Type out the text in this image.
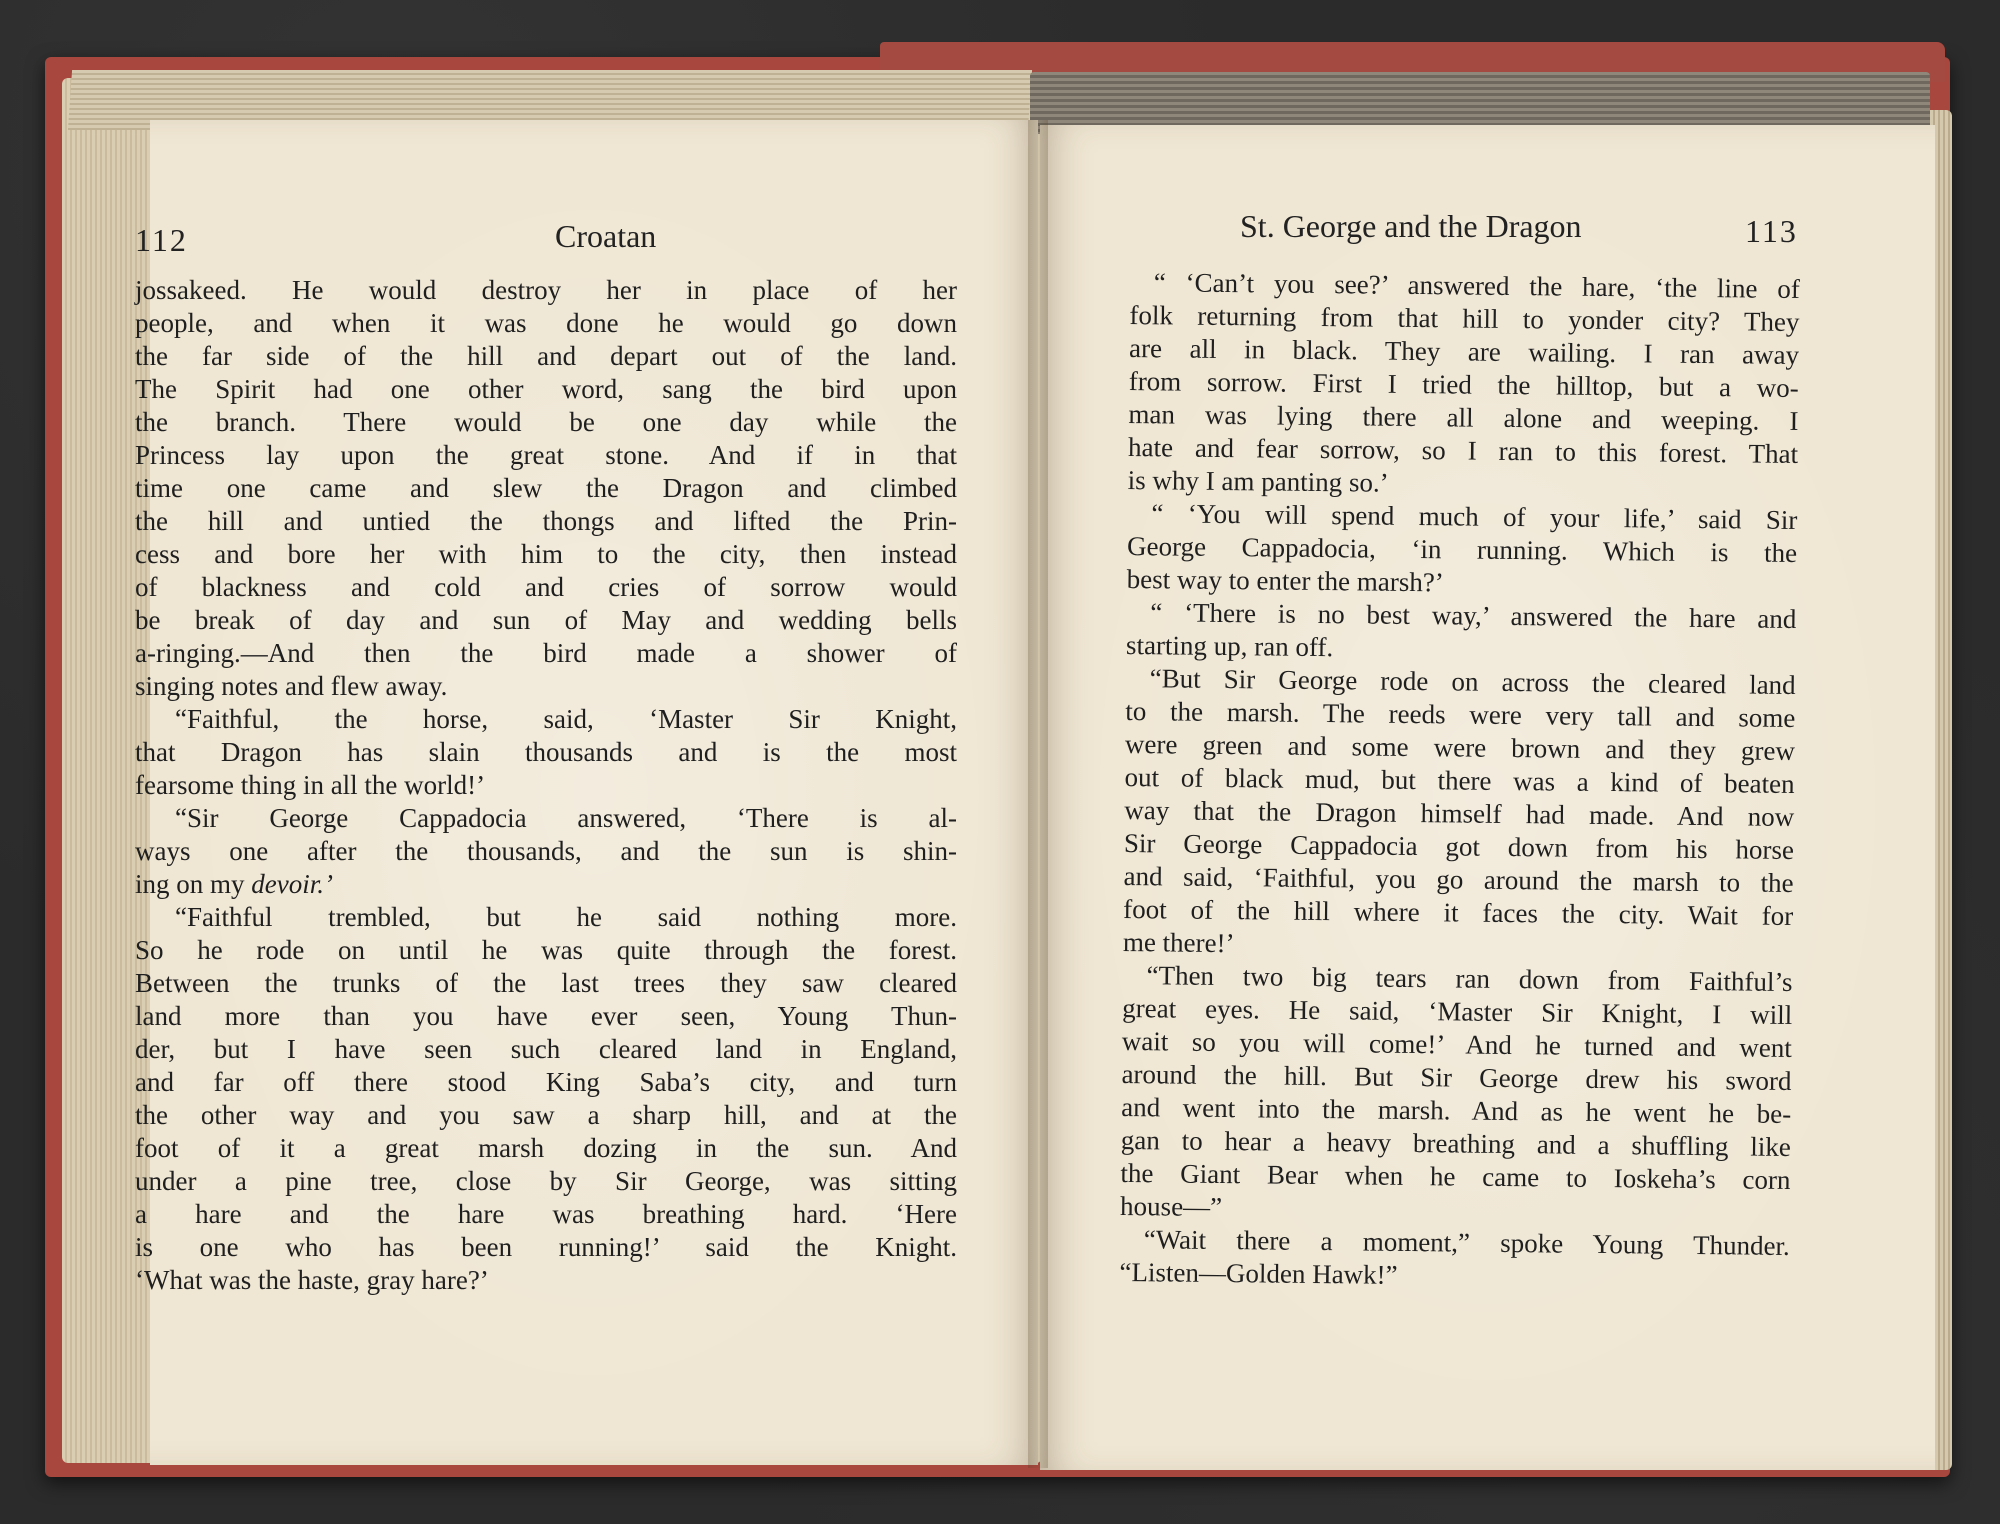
112	Croatan	St. George and the Dragon	113
jossakeed. He would destroy her in place of her
people, and when it was done he would go down
the far side of the hill and depart out of the land.
The Spirit had one other word, sang the bird upon
the branch. There would be one day while the
Princess lay upon the great stone. And if in that
time one came and slew the Dragon and climbed
the hill and untied the thongs and lifted the Prin-
cess and bore her with him to the city, then instead
of blackness and cold and cries of sorrow would
be break of day and sun of May and wedding bells
a-ringing.—And then the bird made a shower of
singing notes and flew away.
“Faithful, the horse, said, ‘Master Sir Knight,
that Dragon has slain thousands and is the most
fearsome thing in all the world!’
“Sir George Cappadocia answered, ‘There is al-
ways one after the thousands, and the sun is shin-
ing on my devoir.’
“Faithful trembled, but he said nothing more.
So he rode on until he was quite through the forest.
Between the trunks of the last trees they saw cleared
land more than you have ever seen, Young Thun-
der, but I have seen such cleared land in England,
and far off there stood King Saba’s city, and turn
the other way and you saw a sharp hill, and at the
foot of it a great marsh dozing in the sun. And
under a pine tree, close by Sir George, was sitting
a hare and the hare was breathing hard. ‘Here
is one who has been running!’ said the Knight.
‘What was the haste, gray hare?’
“ ‘Can’t you see?’ answered the hare, ‘the line of
folk returning from that hill to yonder city? They
are all in black. They are wailing. I ran away
from sorrow. First I tried the hilltop, but a wo-
man was lying there all alone and weeping. I
hate and fear sorrow, so I ran to this forest. That
is why I am panting so.’
“ ‘You will spend much of your life,’ said Sir
George Cappadocia, ‘in running. Which is the
best way to enter the marsh?’
“ ‘There is no best way,’ answered the hare and
starting up, ran off.
“But Sir George rode on across the cleared land
to the marsh. The reeds were very tall and some
were green and some were brown and they grew
out of black mud, but there was a kind of beaten
way that the Dragon himself had made. And now
Sir George Cappadocia got down from his horse
and said, ‘Faithful, you go around the marsh to the
foot of the hill where it faces the city. Wait for
me there!’
“Then two big tears ran down from Faithful’s
great eyes. He said, ‘Master Sir Knight, I will
wait so you will come!’ And he turned and went
around the hill. But Sir George drew his sword
and went into the marsh. And as he went he be-
gan to hear a heavy breathing and a shuffling like
the Giant Bear when he came to Ioskeha’s corn
house—”
“Wait there a moment,” spoke Young Thunder.
“Listen—Golden Hawk!”
